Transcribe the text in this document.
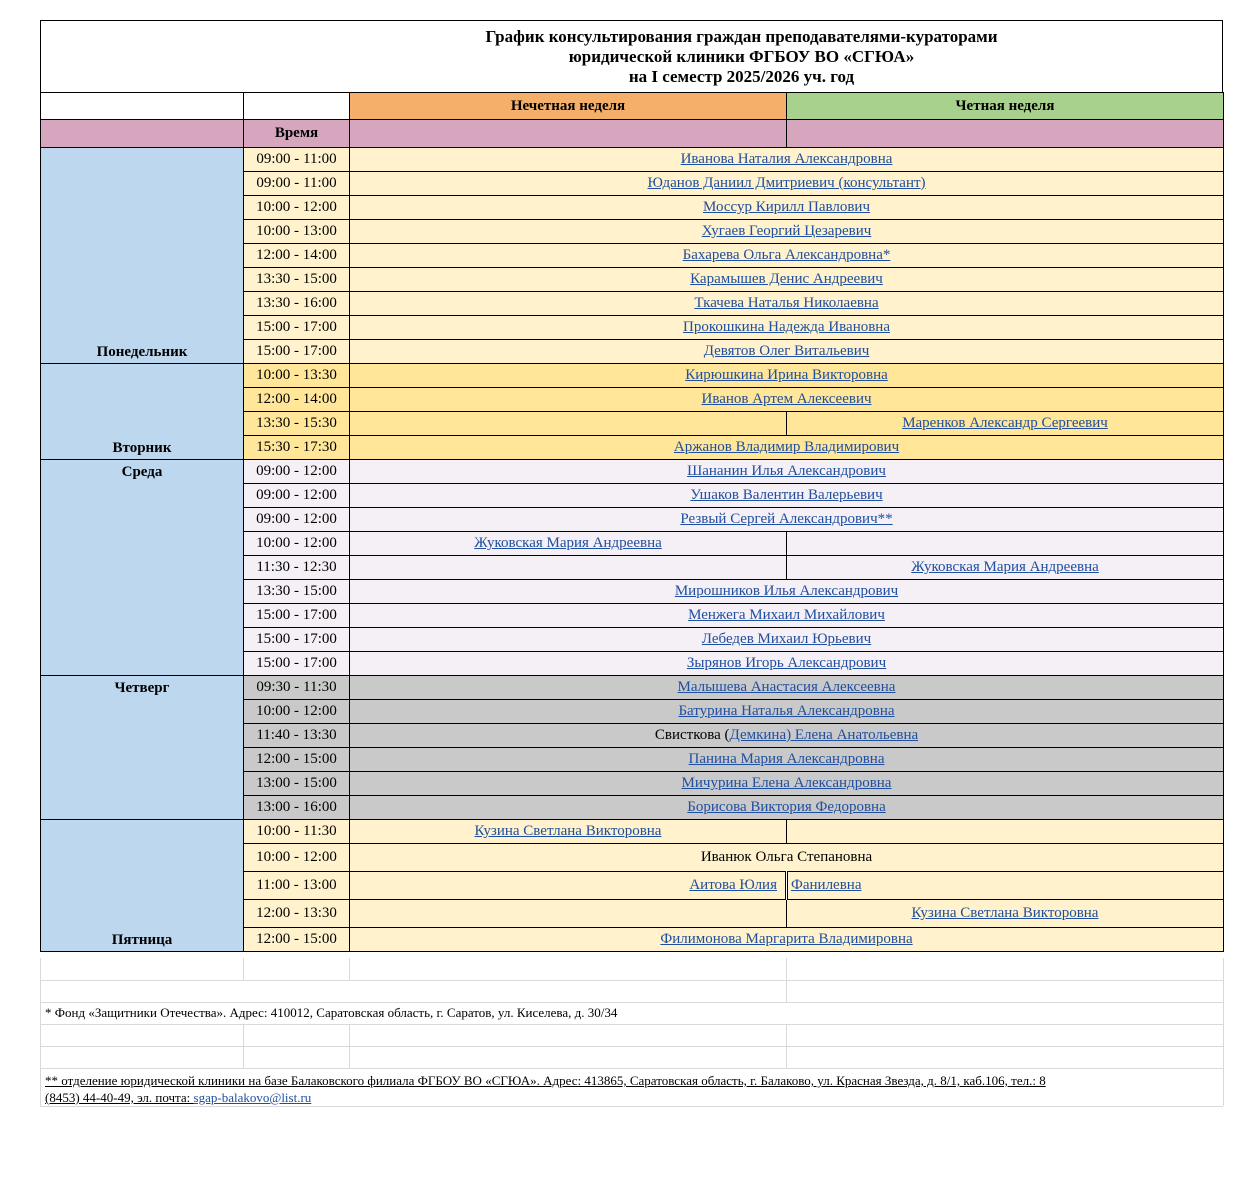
График консультирования граждан преподавателями-кураторами
юридической клиники ФГБОУ ВО «СГЮА»
на I семестр 2025/2026 уч. год
		Нечетная неделя	Четная неделя
	Время		
Понедельник	09:00 - 11:00	Иванова Наталия Александровна	
	09:00 - 11:00	Юданов Даниил Дмитриевич (консультант)	
	10:00 - 12:00	Моссур Кирилл Павлович	
	10:00 - 13:00	Хугаев Георгий Цезаревич	
	12:00 - 14:00	Бахарева Ольга Александровна*	
	13:30 - 15:00	Карамышев Денис Андреевич	
	13:30 - 16:00	Ткачева Наталья Николаевна	
	15:00 - 17:00	Прокошкина Надежда Ивановна	
	15:00 - 17:00	Девятов Олег Витальевич	
Вторник	10:00 - 13:30	Кирюшкина Ирина Викторовна	
	12:00 - 14:00	Иванов Артем Алексеевич	
	13:30 - 15:30		Маренков Александр Сергеевич
	15:30 - 17:30	Аржанов Владимир Владимирович	
Среда	09:00 - 12:00	Шананин Илья Александрович	
	09:00 - 12:00	Ушаков Валентин Валерьевич	
	09:00 - 12:00	Резвый Сергей Александрович**	
	10:00 - 12:00	Жуковская Мария Андреевна	
	11:30 - 12:30		Жуковская Мария Андреевна
	13:30 - 15:00	Мирошников Илья Александрович	
	15:00 - 17:00	Менжега Михаил Михайлович	
	15:00 - 17:00	Лебедев Михаил Юрьевич	
	15:00 - 17:00	Зырянов Игорь Александрович	
Четверг	09:30 - 11:30	Малышева Анастасия Алексеевна	
	10:00 - 12:00	Батурина Наталья Александровна	
	11:40 - 13:30	Свисткова (Демкина) Елена Анатольевна	
	12:00 - 15:00	Панина Мария Александровна	
	13:00 - 15:00	Мичурина Елена Александровна	
	13:00 - 16:00	Борисова Виктория Федоровна	
Пятница	10:00 - 11:30	Кузина Светлана Викторовна	
	10:00 - 12:00	Иванюк Ольга Степановна	
	11:00 - 13:00	Аитова Юлия	Фанилевна
	12:00 - 13:30		Кузина Светлана Викторовна
	12:00 - 15:00	Филимонова Маргарита Владимировна	
* Фонд «Защитники Отечества». Адрес: 410012, Саратовская область, г. Саратов, ул. Киселева, д. 30/34
** отделение юридической клиники на базе Балаковского филиала ФГБОУ ВО «СГЮА». Адрес: 413865, Саратовская область, г. Балаково, ул. Красная Звезда, д. 8/1, каб.106, тел.: 8
(8453) 44-40-49, эл. почта: sgap-balakovo@list.ru
